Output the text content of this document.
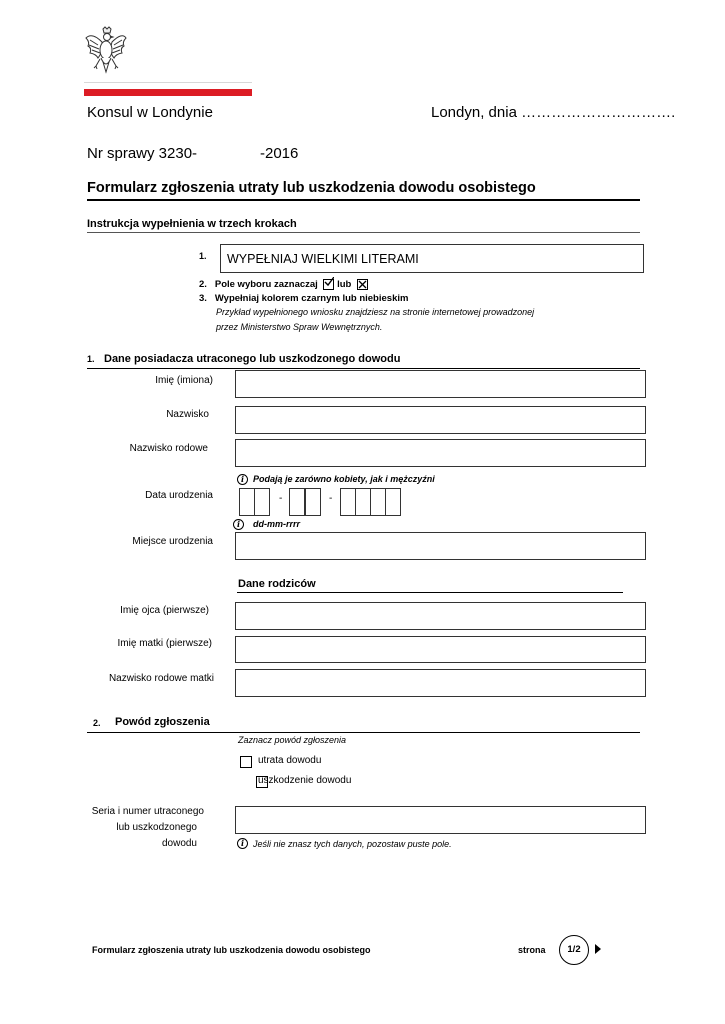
Konsul w Londynie	Londyn, dnia ………………………….
Nr sprawy 3230-	-2016
Formularz zgłoszenia utraty lub uszkodzenia dowodu osobistego
Instrukcja wypełnienia w trzech krokach
1. WYPEŁNIAJ WIELKIMI LITERAMI
2. Pole wyboru zaznaczaj lub
3. Wypełniaj kolorem czarnym lub niebieskim
Przykład wypełnionego wniosku znajdziesz na stronie internetowej prowadzonej
przez Ministerstwo Spraw Wewnętrznych.
1. Dane posiadacza utraconego lub uszkodzonego dowodu
Imię (imiona)
Nazwisko
Nazwisko rodowe
i Podają je zarówno kobiety, jak i mężczyźni
Data urodzenia	-	-
i	dd-mm-rrrr
Miejsce urodzenia
Dane rodziców
Imię ojca (pierwsze)
Imię matki (pierwsze)
Nazwisko rodowe matki
2. Powód zgłoszenia
Zaznacz powód zgłoszenia

utrata dowodu
uszkodzenie dowodu
Seria i numer utraconego
lub uszkodzonego
dowodu	i Jeśli nie znasz tych danych, pozostaw puste pole.
Formularz zgłoszenia utraty lub uszkodzenia dowodu osobistego	strona	1/2
